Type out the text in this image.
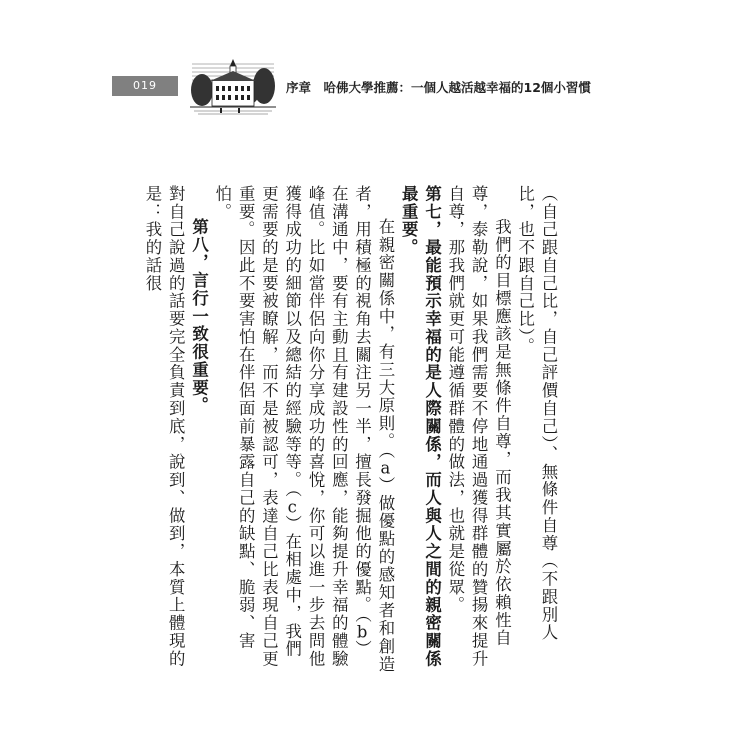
019	序章　哈佛大學推薦：一個人越活越幸福的12個小習慣

（自己跟自己比，自己評價自己）、無條件自尊（不跟別人比，也不跟自己比）。

我們的目標應該是無條件自尊，而我其實屬於依賴性自尊，泰勒說，如果我們需要不停地通過獲得群體的贊揚來提升自尊，那我們就更可能遵循群體的做法，也就是從眾。

第七，最能預示幸福的是人際關係，而人與人之間的親密關係最重要。

在親密關係中，有三大原則。（a）做優點的感知者和創造者，用積極的視角去關注另一半，擅長發掘他的優點。（b）在溝通中，要有主動且有建設性的回應，能夠提升幸福的體驗峰值。比如當伴侶向你分享成功的喜悅，你可以進一步去問他獲得成功的細節以及總結的經驗等等。（c）在相處中，我們更需要的是要被瞭解，而不是被認可，表達自己比表現自己更重要。因此不要害怕在伴侶面前暴露自己的缺點、脆弱、害怕。

第八，言行一致很重要。

對自己說過的話要完全負責到底，說到、做到，本質上體現的是：我的話很
